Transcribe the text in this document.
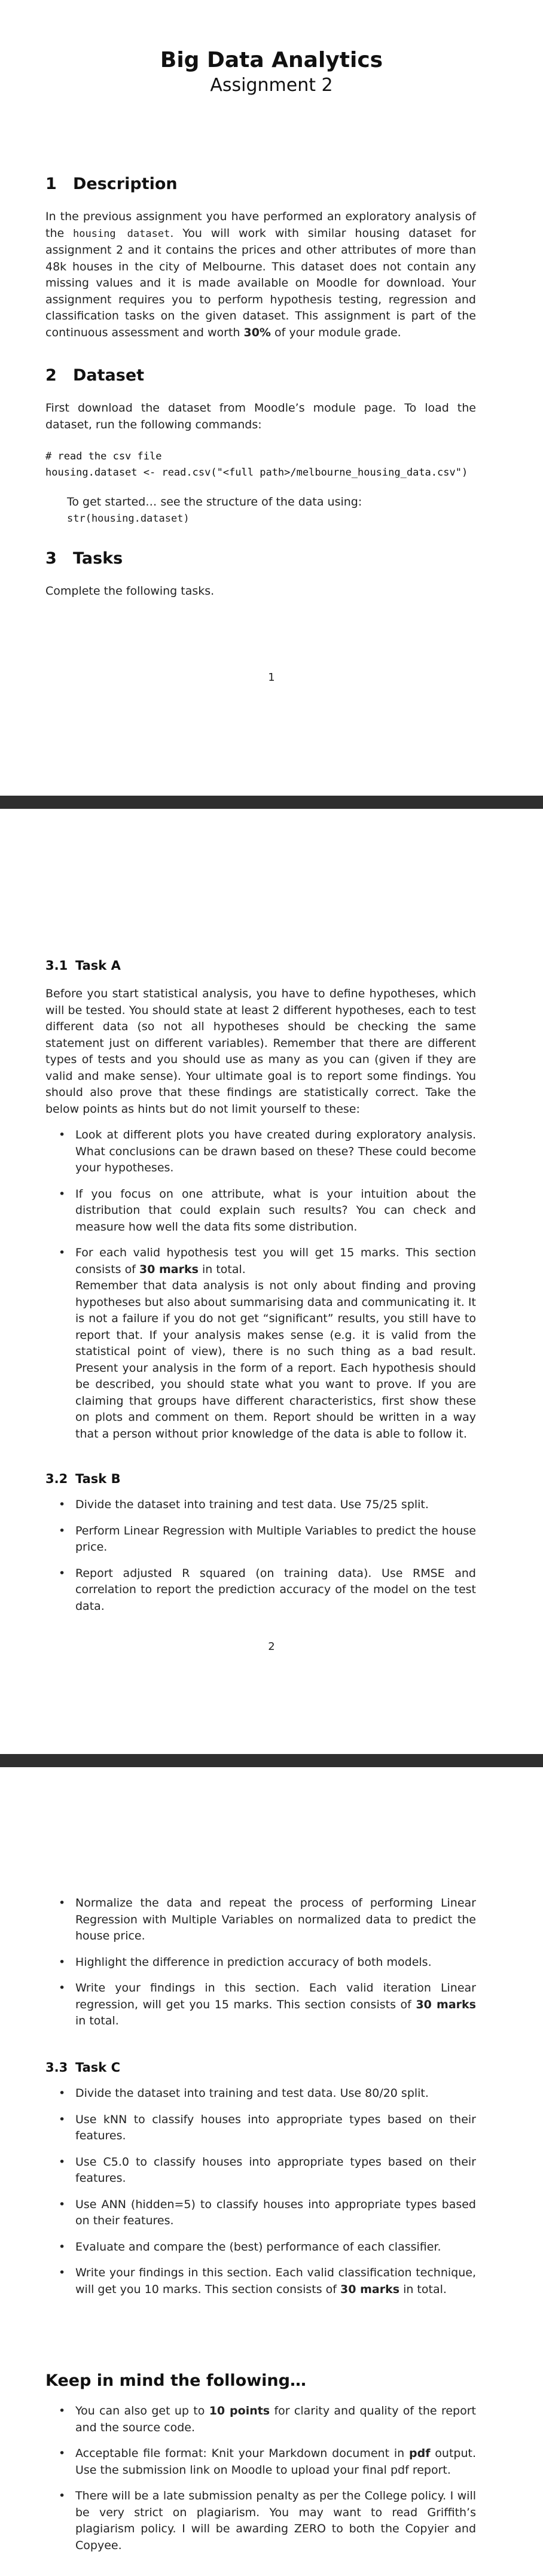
Big Data Analytics
Assignment 2
1	Description

In the previous assignment you have performed an exploratory analysis of the housing dataset. You will work with similar housing dataset for assignment 2 and it contains the prices and other attributes of more than 48k houses in the city of Melbourne. This dataset does not contain any missing values and it is made available on Moodle for download. Your assignment requires you to perform hypothesis testing, regression and classification tasks on the given dataset. This assignment is part of the continuous assessment and worth 30% of your module grade.

2	Dataset

First download the dataset from Moodle’s module page. To load the dataset, run the following commands:

# read the csv file
housing.dataset <- read.csv("<full path>/melbourne_housing_data.csv")

To get started… see the structure of the data using:

str(housing.dataset)
3	Tasks

Complete the following tasks.

1
3.1 Task A

Before you start statistical analysis, you have to define hypotheses, which will be tested. You should state at least 2 different hypotheses, each to test different data (so not all hypotheses should be checking the same statement just on different variables). Remember that there are different types of tests and you should use as many as you can (given if they are valid and make sense). Your ultimate goal is to report some findings. You should also prove that these findings are statistically correct. Take the below points as hints but do not limit yourself to these:

• Look at different plots you have created during exploratory analysis. What conclusions can be drawn based on these? These could become your hypotheses.
• If you focus on one attribute, what is your intuition about the distribution that could explain such results? You can check and measure how well the data fits some distribution.
• For each valid hypothesis test you will get 15 marks. This section consists of 30 marks in total.
Remember that data analysis is not only about finding and proving hypotheses but also about summarising data and communicating it. It is not a failure if you do not get “significant” results, you still have to report that. If your analysis makes sense (e.g. it is valid from the statistical point of view), there is no such thing as a bad result. Present your analysis in the form of a report. Each hypothesis should be described, you should state what you want to prove. If you are claiming that groups have different characteristics, first show these on plots and comment on them. Report should be written in a way that a person without prior knowledge of the data is able to follow it.
3.2 Task B
• Divide the dataset into training and test data. Use 75/25 split.
• Perform Linear Regression with Multiple Variables to predict the house price.
• Report adjusted R squared (on training data). Use RMSE and correlation to report the prediction accuracy of the model on the test data.
2
• Normalize the data and repeat the process of performing Linear Regression with Multiple Variables on normalized data to predict the house price.
• Highlight the difference in prediction accuracy of both models.
• Write your findings in this section. Each valid iteration Linear regression, will get you 15 marks. This section consists of 30 marks in total.
3.3 Task C
• Divide the dataset into training and test data. Use 80/20 split.
• Use kNN to classify houses into appropriate types based on their features.
• Use C5.0 to classify houses into appropriate types based on their features.
• Use ANN (hidden=5) to classify houses into appropriate types based on their features.
• Evaluate and compare the (best) performance of each classifier.
• Write your findings in this section. Each valid classification technique, will get you 10 marks. This section consists of 30 marks in total.
Keep in mind the following…
• You can also get up to 10 points for clarity and quality of the report and the source code.
• Acceptable file format: Knit your Markdown document in pdf output. Use the submission link on Moodle to upload your final pdf report.
• There will be a late submission penalty as per the College policy. I will be very strict on plagiarism. You may want to read Griffith’s plagiarism policy. I will be awarding ZERO to both the Copyier and Copyee.
